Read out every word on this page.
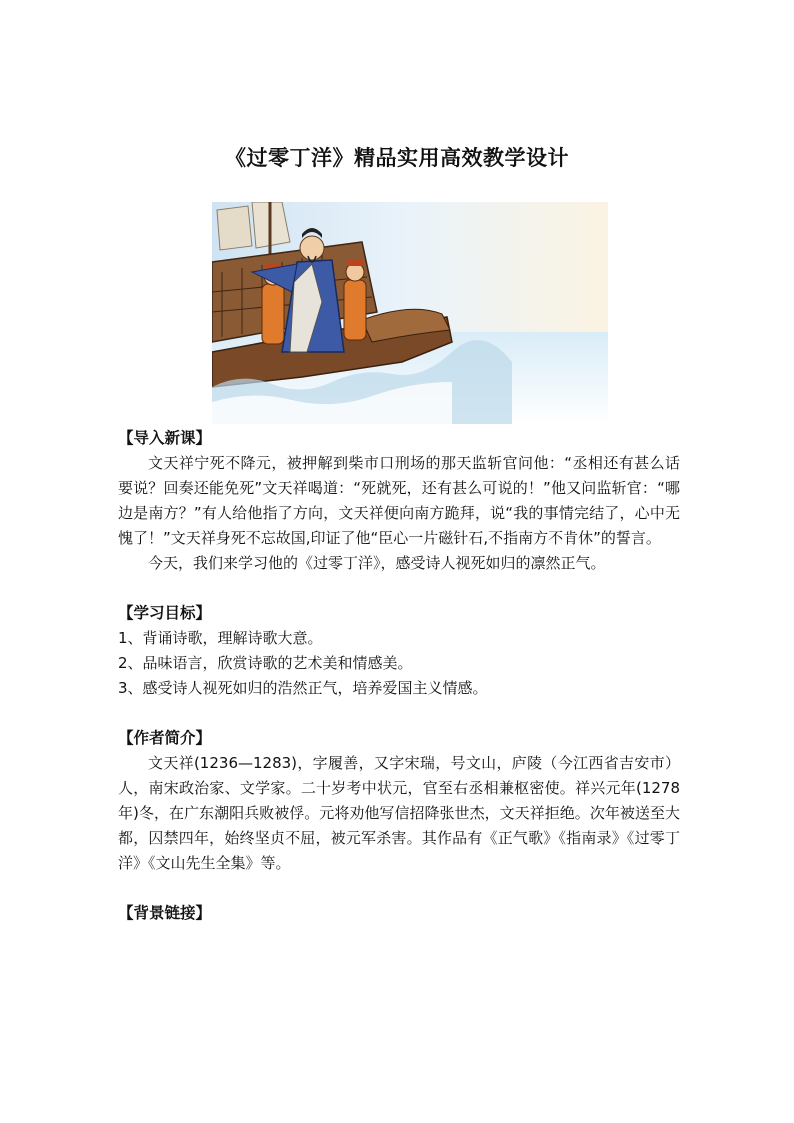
《过零丁洋》精品实用高效教学设计

【导入新课】

文天祥宁死不降元，被押解到柴市口刑场的那天监斩官问他：“丞相还有甚么话要说？回奏还能免死”文天祥喝道：“死就死，还有甚么可说的！”他又问监斩官：“哪边是南方？”有人给他指了方向，文天祥便向南方跪拜，说“我的事情完结了，心中无愧了！”文天祥身死不忘故国,印证了他“臣心一片磁针石,不指南方不肯休”的誓言。

今天，我们来学习他的《过零丁洋》，感受诗人视死如归的凛然正气。

【学习目标】

1、背诵诗歌，理解诗歌大意。
2、品味语言，欣赏诗歌的艺术美和情感美。
3、感受诗人视死如归的浩然正气，培养爱国主义情感。

【作者简介】

文天祥(1236—1283)，字履善，又字宋瑞，号文山，庐陵（今江西省吉安市）人，南宋政治家、文学家。二十岁考中状元，官至右丞相兼枢密使。祥兴元年(1278年)冬，在广东潮阳兵败被俘。元将劝他写信招降张世杰，文天祥拒绝。次年被送至大都，囚禁四年，始终坚贞不屈，被元军杀害。其作品有《正气歌》《指南录》《过零丁洋》《文山先生全集》等。

【背景链接】
